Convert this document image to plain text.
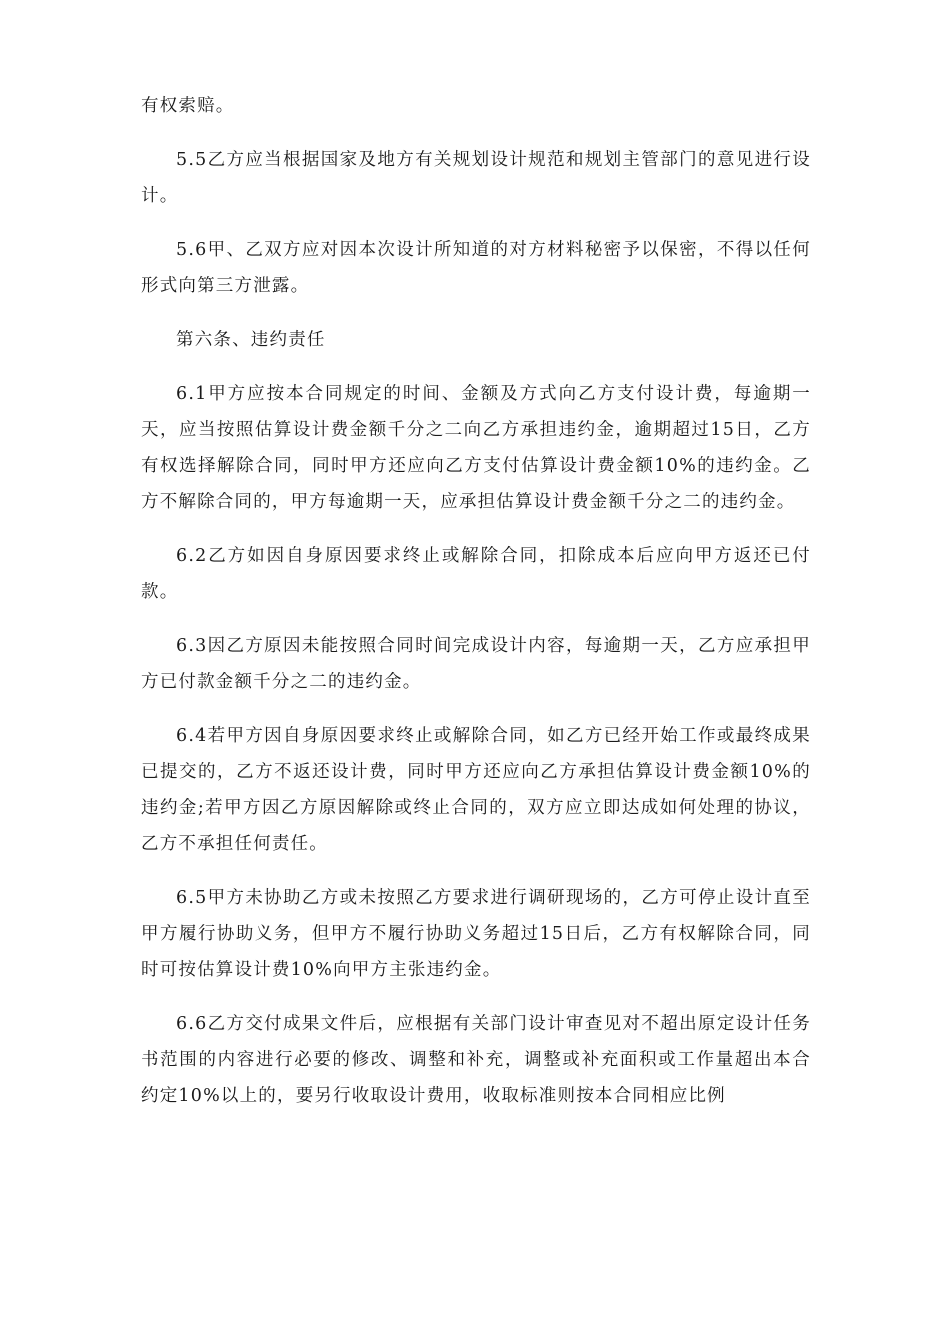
有权索赔。

5.5乙方应当根据国家及地方有关规划设计规范和规划主管部门的意见进行设计。

5.6甲、乙双方应对因本次设计所知道的对方材料秘密予以保密，不得以任何形式向第三方泄露。

第六条、违约责任

6.1甲方应按本合同规定的时间、金额及方式向乙方支付设计费，每逾期一天，应当按照估算设计费金额千分之二向乙方承担违约金，逾期超过15日，乙方有权选择解除合同，同时甲方还应向乙方支付估算设计费金额10%的违约金。乙方不解除合同的，甲方每逾期一天，应承担估算设计费金额千分之二的违约金。

6.2乙方如因自身原因要求终止或解除合同，扣除成本后应向甲方返还已付款。

6.3因乙方原因未能按照合同时间完成设计内容，每逾期一天，乙方应承担甲方已付款金额千分之二的违约金。

6.4若甲方因自身原因要求终止或解除合同，如乙方已经开始工作或最终成果已提交的，乙方不返还设计费，同时甲方还应向乙方承担估算设计费金额10%的违约金;若甲方因乙方原因解除或终止合同的，双方应立即达成如何处理的协议，乙方不承担任何责任。

6.5甲方未协助乙方或未按照乙方要求进行调研现场的，乙方可停止设计直至甲方履行协助义务，但甲方不履行协助义务超过15日后，乙方有权解除合同，同时可按估算设计费10%向甲方主张违约金。

6.6乙方交付成果文件后，应根据有关部门设计审查见对不超出原定设计任务书范围的内容进行必要的修改、调整和补充，调整或补充面积或工作量超出本合约定10%以上的，要另行收取设计费用，收取标准则按本合同相应比例
